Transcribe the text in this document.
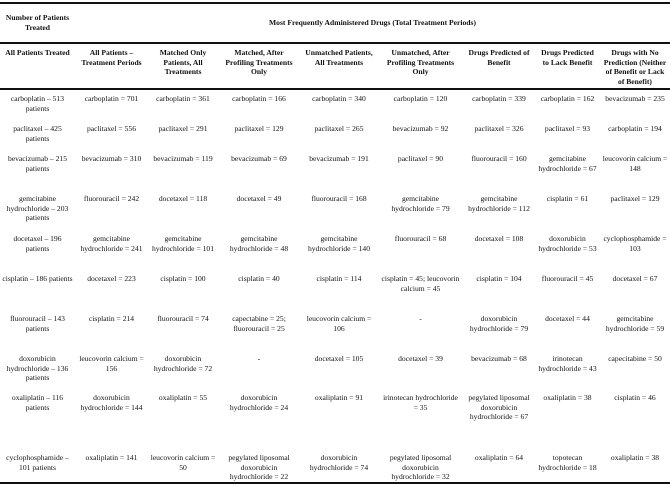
Number of Patients Treated	Most Frequently Administered Drugs (Total Treatment Periods)							
All Patients Treated	All Patients – Treatment Periods	Matched Only Patients, All Treatments	Matched, After Profiling Treatments Only	Unmatched Patients, All Treatments	Unmatched, After Profiling Treatments Only	Drugs Predicted of Benefit	Drugs Predicted to Lack Benefit	Drugs with No Prediction (Neither of Benefit or Lack of Benefit)
carboplatin – 513 patients	carboplatin = 701	carboplatin = 361	carboplatin = 166	carboplatin = 340	carboplatin = 120	carboplatin = 339	carboplatin = 162	bevacizumab = 235
paclitaxel – 425 patients	paclitaxel = 556	paclitaxel = 291	paclitaxel = 129	paclitaxel = 265	bevacizumab = 92	paclitaxel = 326	paclitaxel = 93	carboplatin = 194
bevacizumab – 215 patients	bevacizumab = 310	bevacizumab = 119	bevacizumab = 69	bevacizumab = 191	paclitaxel = 90	fluorouracil = 160	gemcitabine hydrochloride = 67	leucovorin calcium = 148
gemcitabine hydrochloride – 203 patients	fluorouracil = 242	docetaxel = 118	docetaxel = 49	fluorouracil = 168	gemcitabine hydrochloride = 79	gemcitabine hydrochloride = 112	cisplatin = 61	paclitaxel = 129
docetaxel – 196 patients	gemcitabine hydrochloride = 241	gemcitabine hydrochloride = 101	gemcitabine hydrochloride = 48	gemcitabine hydrochloride = 140	fluorouracil = 68	docetaxel = 108	doxorubicin hydrochloride = 53	cyclophosphamide = 103
cisplatin – 186 patients	docetaxel = 223	cisplatin = 100	cisplatin = 40	cisplatin = 114	cisplatin = 45; leucovorin calcium = 45	cisplatin = 104	fluorouracil = 45	docetaxel = 67
fluorouracil – 143 patients	cisplatin = 214	fluorouracil = 74	capectabine = 25; fluorouracil = 25	leucovorin calcium = 106	-	doxorubicin hydrochloride = 79	docetaxel = 44	gemcitabine hydrochloride = 59
doxorubicin hydrochloride – 136 patients	leucovorin calcium = 156	doxorubicin hydrochloride = 72	-	docetaxel = 105	docetaxel = 39	bevacizumab = 68	irinotecan hydrochloride = 43	capecitabine = 50
oxaliplatin – 116 patients	doxorubicin hydrochloride = 144	oxaliplatin = 55	doxorubicin hydrochloride = 24	oxaliplatin = 91	irinotecan hydrochloride = 35	pegylated liposomal doxorubicin hydrochloride = 67	oxaliplatin = 38	cisplatin = 46
cyclophosphamide – 101 patients	oxaliplatin = 141	leucovorin calcium = 50	pegylated liposomal doxorubicin hydrochloride = 22	doxorubicin hydrochloride = 74	pegylated liposomal doxorubicin hydrochloride = 32	oxaliplatin = 64	topotecan hydrochloride = 18	oxaliplatin = 38
